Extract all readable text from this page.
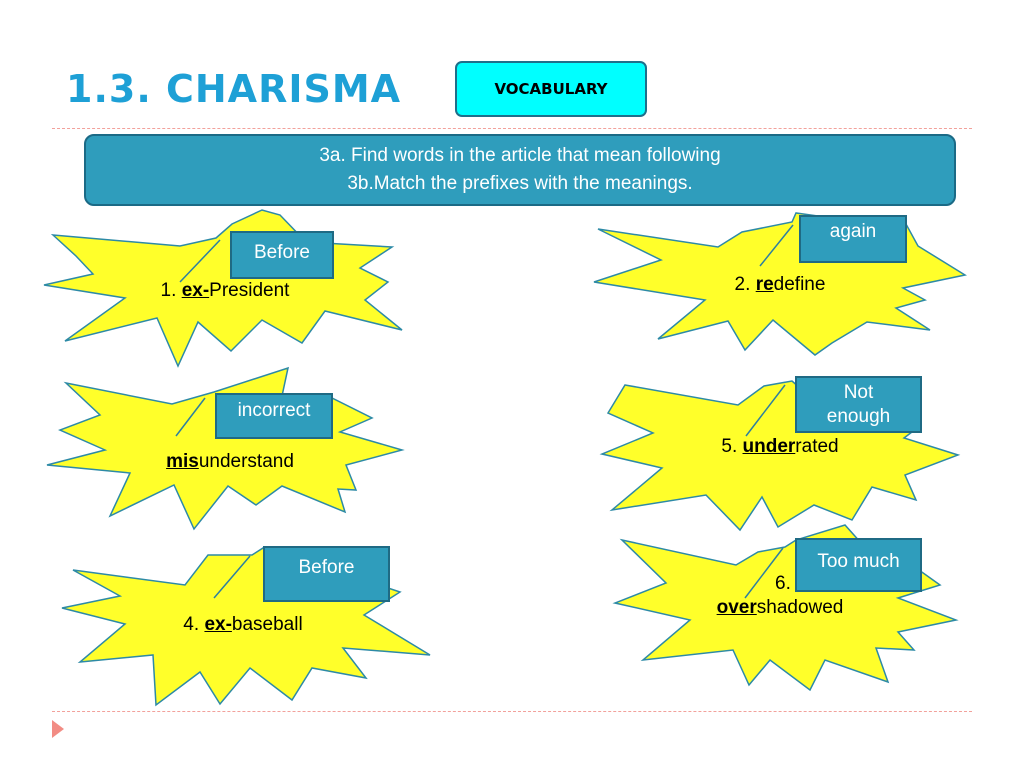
1.3. CHARISMA	VOCABULARY
3a. Find words in the article that mean following
3b.Match the prefixes with the meanings.
1. ex-President
Before
2. redefine
again
misunderstand
incorrect
5. underrated
Not
enough
4. ex-baseball
Before
6.
overshadowed
Too much
